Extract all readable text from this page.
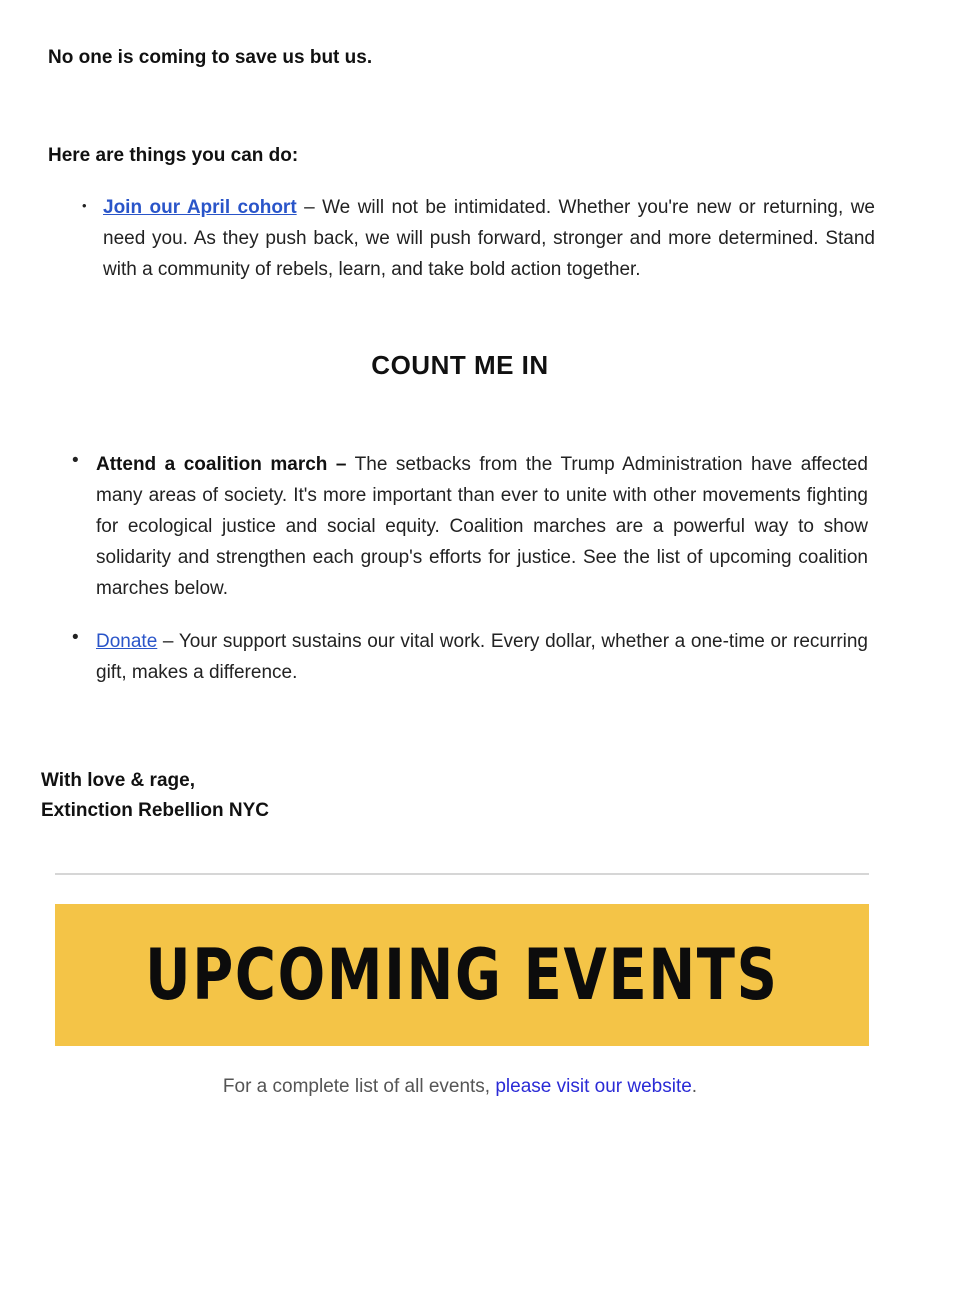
No one is coming to save us but us.
Here are things you can do:
• Join our April cohort – We will not be intimidated. Whether you're new or returning, we need you. As they push back, we will push forward, stronger and more determined. Stand with a community of rebels, learn, and take bold action together.
COUNT ME IN
• Attend a coalition march – The setbacks from the Trump Administration have affected many areas of society. It's more important than ever to unite with other movements fighting for ecological justice and social equity. Coalition marches are a powerful way to show solidarity and strengthen each group's efforts for justice. See the list of upcoming coalition marches below.
• Donate – Your support sustains our vital work. Every dollar, whether a one-time or recurring gift, makes a difference.
With love & rage,
Extinction Rebellion NYC
UPCOMING EVENTS
For a complete list of all events, please visit our website.
